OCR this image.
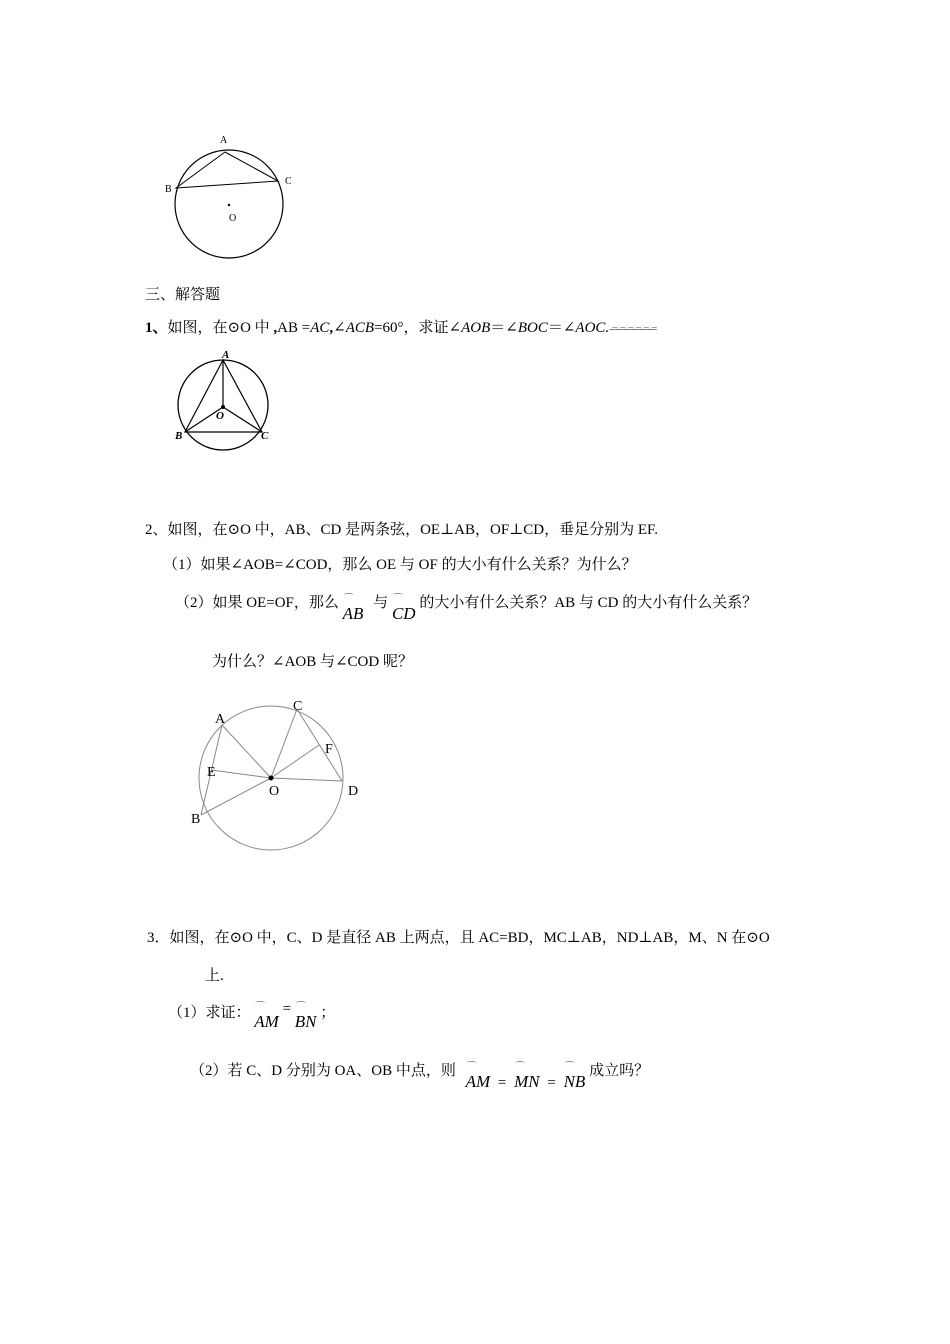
A
B
C
O
三、解答题
1、如图，在⊙O 中 ,AB =AC,∠ACB=60°，求证∠AOB＝∠BOC＝∠AOC.-=-=-=-=-=-=
A
B	C
O
2、如图，在⊙O 中，AB、CD 是两条弦，OE⊥AB，OF⊥CD，垂足分别为 EF.
（1）如果∠AOB=∠COD，那么 OE 与 OF 的大小有什么关系？为什么？
（2）如果 OE=OF，那么 ⌒
AB 与 ⌒
CD 的大小有什么关系？AB 与 CD 的大小有什么关系？
为什么？∠AOB 与∠COD 呢？
A
B
C
D
E
F
O
3．如图，在⊙O 中，C、D 是直径 AB 上两点，且 AC=BD，MC⊥AB，ND⊥AB，M、N 在⊙O
上.
（1）求证： ⌒
AM = ⌒
BN ；
（2）若 C、D 分别为 OA、OB 中点，则 ⌒
AM =
⌒
MN =
⌒
NB 成立吗？
